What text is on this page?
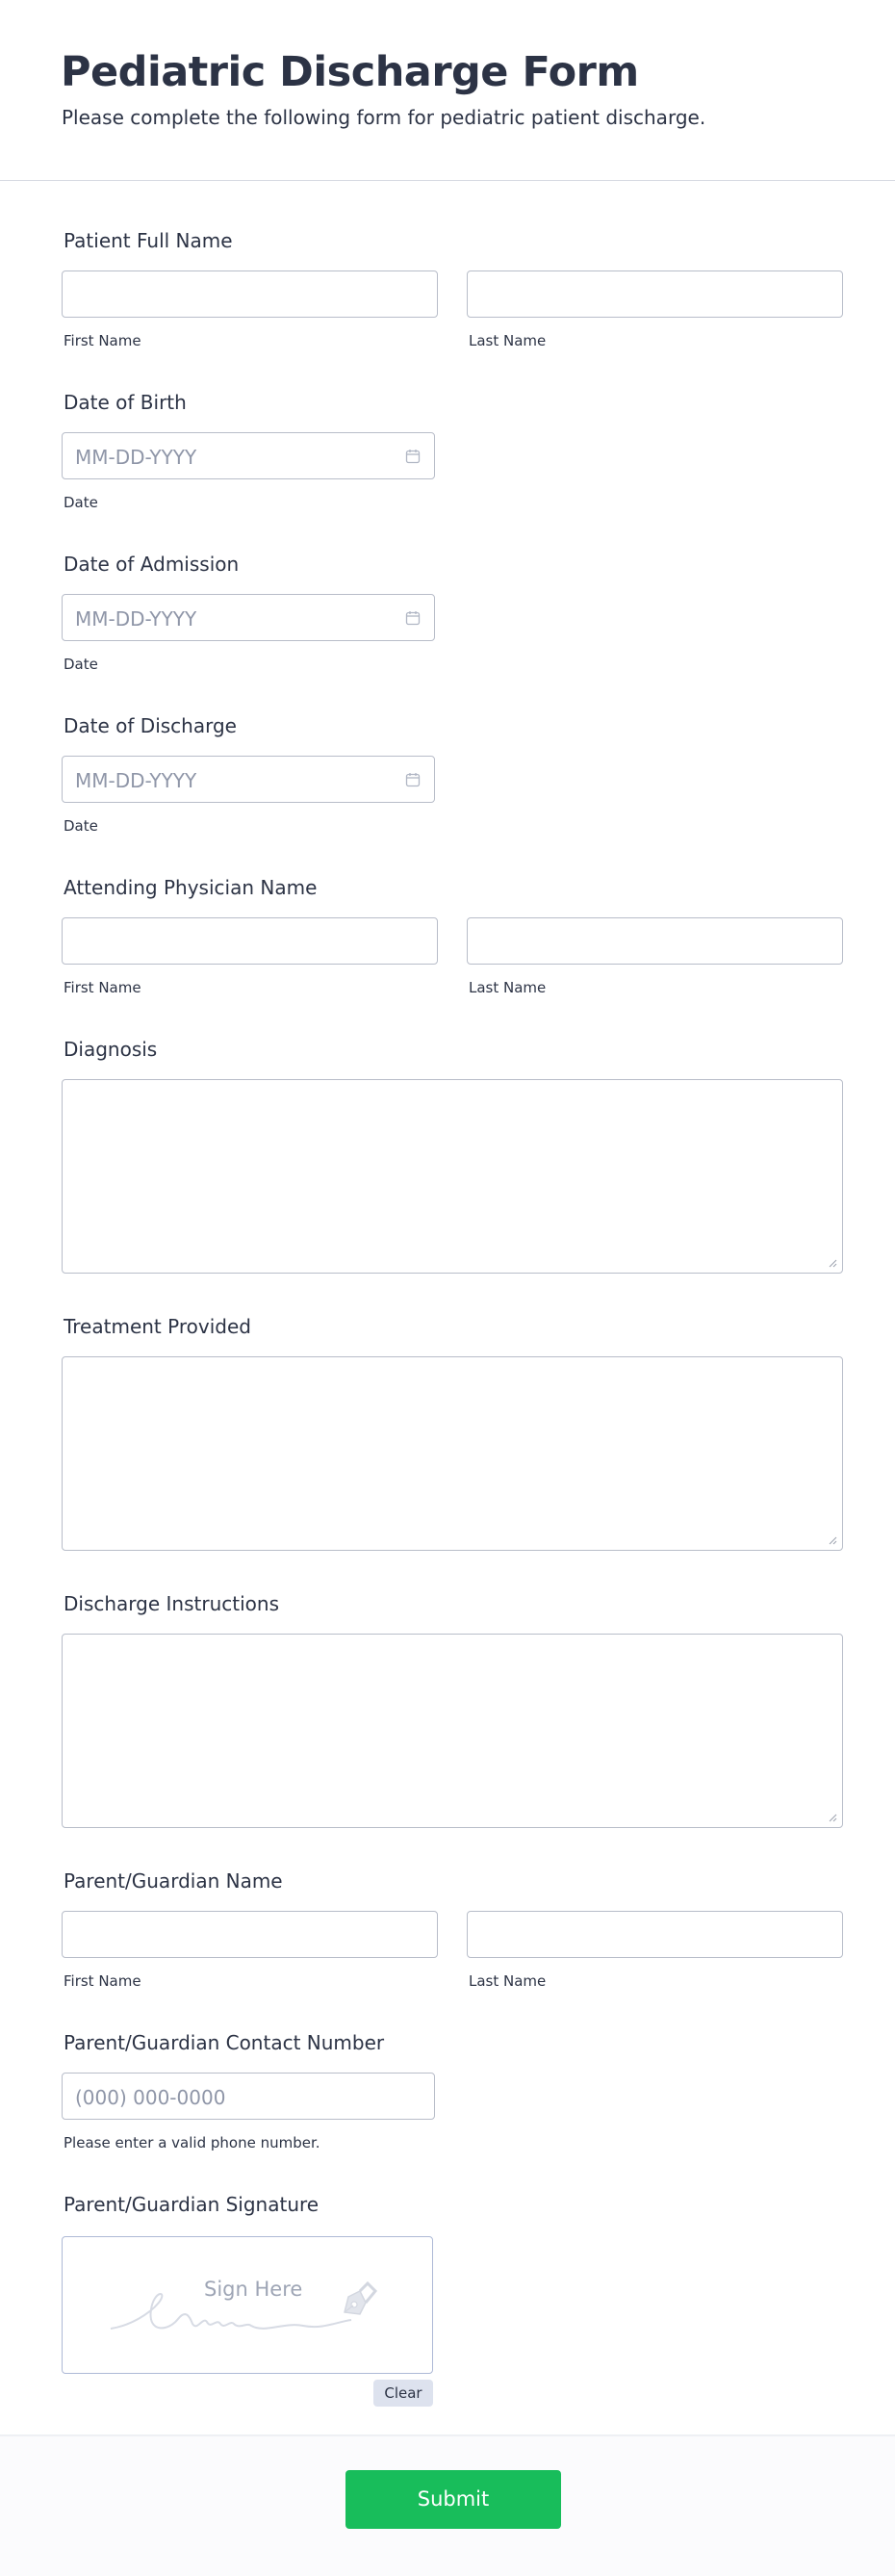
Pediatric Discharge Form
Please complete the following form for pediatric patient discharge.
Patient Full Name
First Name	Last Name
Date of Birth
MM-DD-YYYY
Date
Date of Admission
MM-DD-YYYY
Date
Date of Discharge
MM-DD-YYYY
Date
Attending Physician Name
First Name	Last Name
Diagnosis
Treatment Provided
Discharge Instructions
Parent/Guardian Name
First Name	Last Name
Parent/Guardian Contact Number
(000) 000-0000
Please enter a valid phone number.
Parent/Guardian Signature
Sign Here
Clear
Submit
